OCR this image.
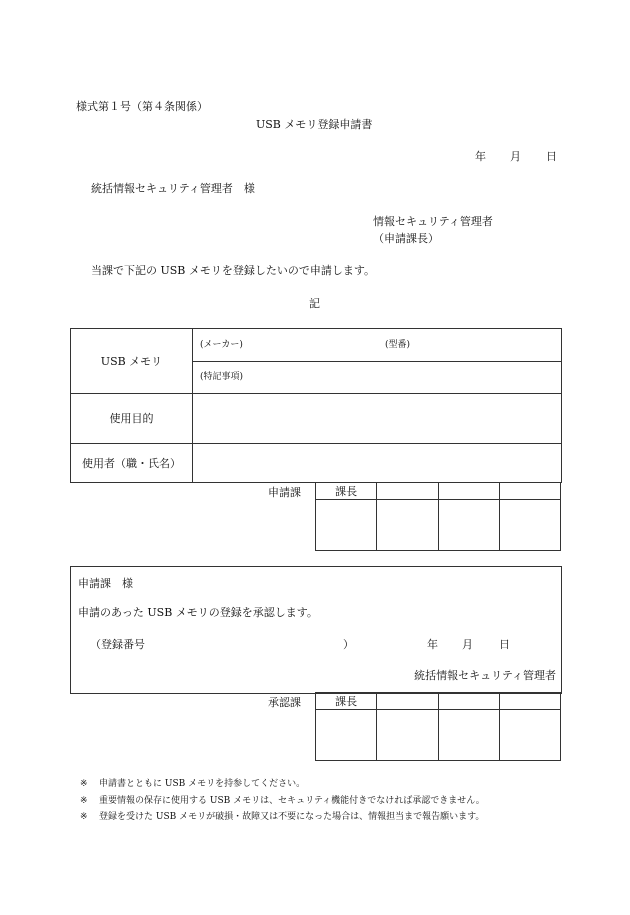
様式第１号（第４条関係）
USB メモリ登録申請書
年 月 日
統括情報セキュリティ管理者　様
情報セキュリティ管理者
（申請課長）
当課で下記の USB メモリを登録したいので申請します。
記
USB メモリ	(メーカー) (型番)

	(特記事項)

使用目的	
使用者（職・氏名）	
申請課	課長			

申請課　様
申請のあった USB メモリの登録を承認します。
（登録番号	）	年 月 日
統括情報セキュリティ管理者
承認課	課長			

※ 申請書とともに USB メモリを持参してください。
※ 重要情報の保存に使用する USB メモリは、セキュリティ機能付きでなければ承認できません。
※ 登録を受けた USB メモリが破損・故障又は不要になった場合は、情報担当まで報告願います。
